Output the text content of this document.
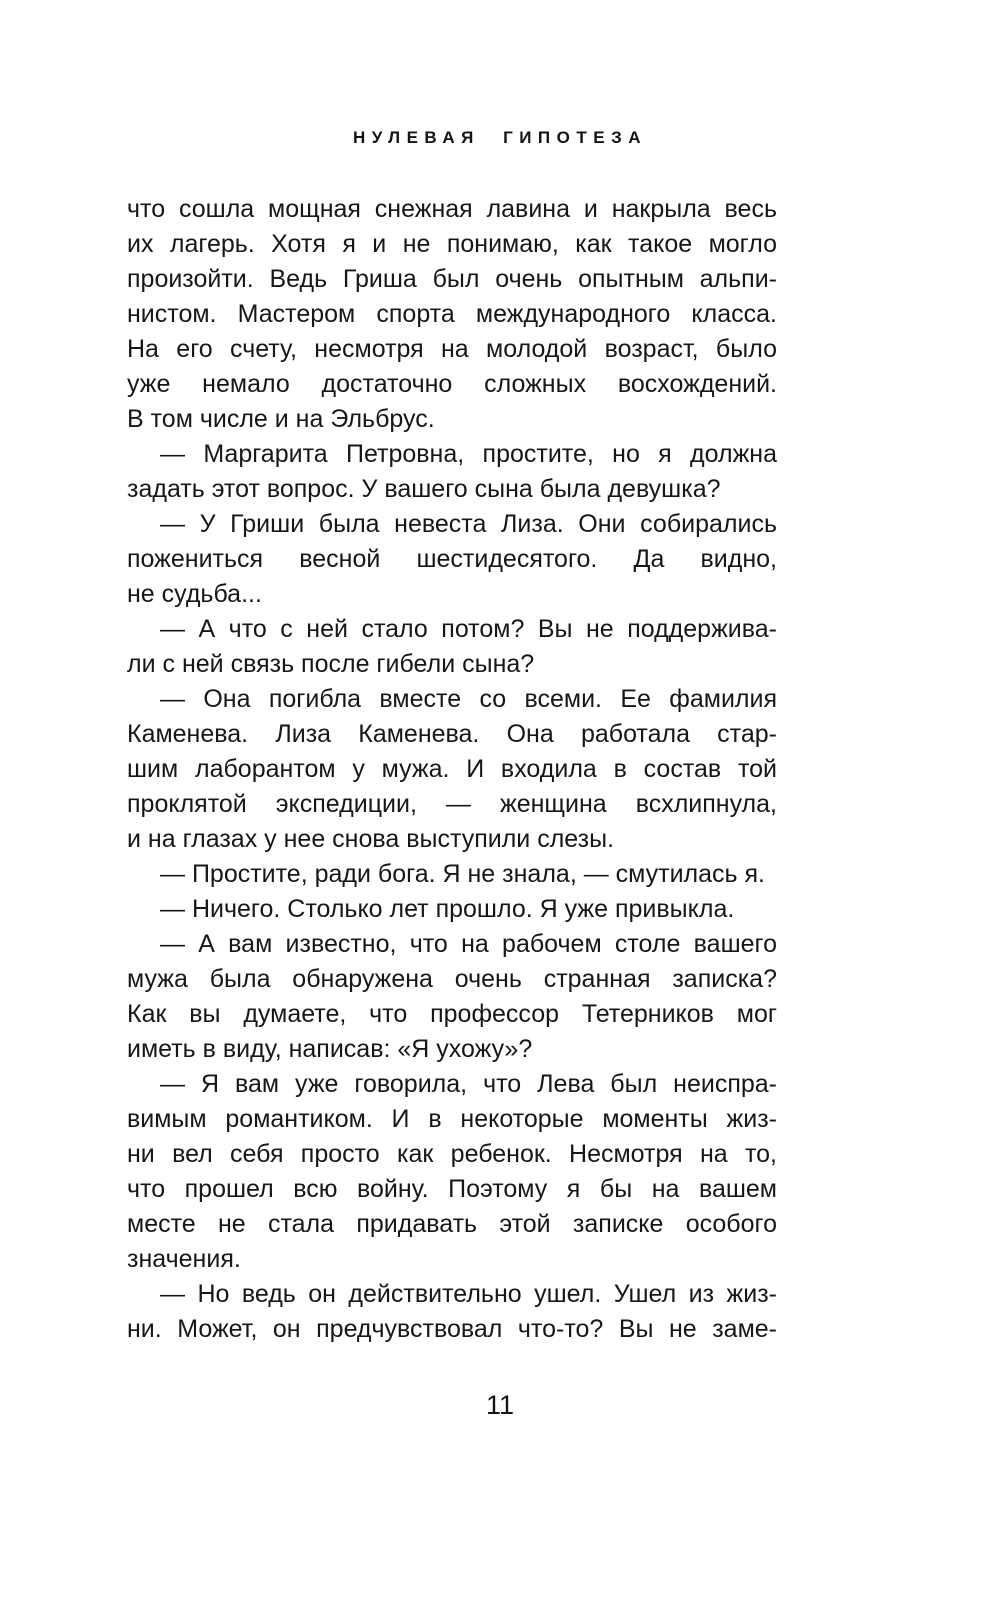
НУЛЕВАЯ ГИПОТЕЗА
что сошла мощная снежная лавина и накрыла весь
их лагерь. Хотя я и не понимаю, как такое могло
произойти. Ведь Гриша был очень опытным альпи-
нистом. Мастером спорта международного класса.
На его счету, несмотря на молодой возраст, было
уже немало достаточно сложных восхождений.
В том числе и на Эльбрус.
— Маргарита Петровна, простите, но я должна
задать этот вопрос. У вашего сына была девушка?
— У Гриши была невеста Лиза. Они собирались
пожениться весной шестидесятого. Да видно,
не судьба...
— А что с ней стало потом? Вы не поддержива-
ли с ней связь после гибели сына?
— Она погибла вместе со всеми. Ее фамилия
Каменева. Лиза Каменева. Она работала стар-
шим лаборантом у мужа. И входила в состав той
проклятой экспедиции, — женщина всхлипнула,
и на глазах у нее снова выступили слезы.
— Простите, ради бога. Я не знала, — смутилась я.
— Ничего. Столько лет прошло. Я уже привыкла.
— А вам известно, что на рабочем столе вашего
мужа была обнаружена очень странная записка?
Как вы думаете, что профессор Тетерников мог
иметь в виду, написав: «Я ухожу»?
— Я вам уже говорила, что Лева был неиспра-
вимым романтиком. И в некоторые моменты жиз-
ни вел себя просто как ребенок. Несмотря на то,
что прошел всю войну. Поэтому я бы на вашем
месте не стала придавать этой записке особого
значения.
— Но ведь он действительно ушел. Ушел из жиз-
ни. Может, он предчувствовал что-то? Вы не заме-
11
